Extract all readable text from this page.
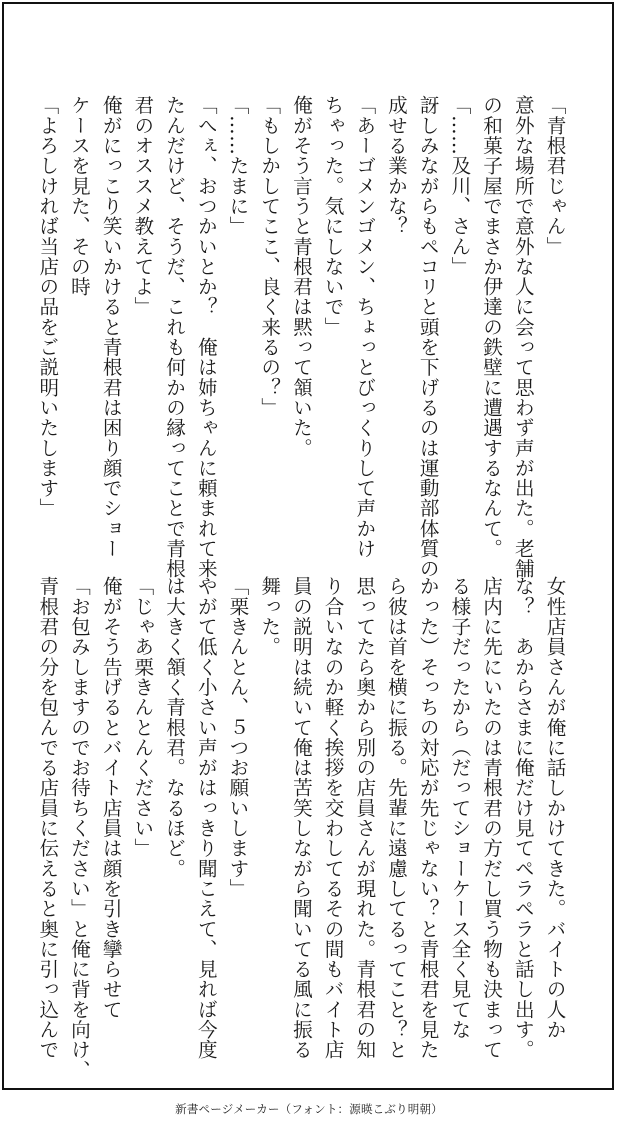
「青根君じゃん」
意外な場所で意外な人に会って思わず声が出た。老舗
の和菓子屋でまさか伊達の鉄壁に遭遇するなんて。
「……及川、さん」
訝しみながらもペコリと頭を下げるのは運動部体質の
成せる業かな？
「あーゴメンゴメン、ちょっとびっくりして声かけ
ちゃった。気にしないで」
俺がそう言うと青根君は黙って頷いた。
「もしかしてここ、良く来るの？」
「……たまに」
「へぇ、おつかいとか？　俺は姉ちゃんに頼まれて来
たんだけど、そうだ、これも何かの縁ってことで青根
君のオススメ教えてよ」
俺がにっこり笑いかけると青根君は困り顔でショー
ケースを見た、その時
「よろしければ当店の品をご説明いたします」
女性店員さんが俺に話しかけてきた。バイトの人か
な？　あからさまに俺だけ見てペラペラと話し出す。
店内に先にいたのは青根君の方だし買う物も決まって
る様子だったから（だってショーケース全く見てな
かった）そっちの対応が先じゃない？と青根君を見た
ら彼は首を横に振る。先輩に遠慮してるってこと？と
思ってたら奥から別の店員さんが現れた。青根君の知
り合いなのか軽く挨拶を交わしてるその間もバイト店
員の説明は続いて俺は苦笑しながら聞いてる風に振る
舞った。
「栗きんとん、５つお願いします」
やがて低く小さい声がはっきり聞こえて、見れば今度
は大きく頷く青根君。なるほど。
「じゃあ栗きんとんください」
俺がそう告げるとバイト店員は顔を引き攣らせて
「お包みしますのでお待ちください」と俺に背を向け、
青根君の分を包んでる店員に伝えると奥に引っ込んで
新書ページメーカー（フォント：源暎こぶり明朝）
